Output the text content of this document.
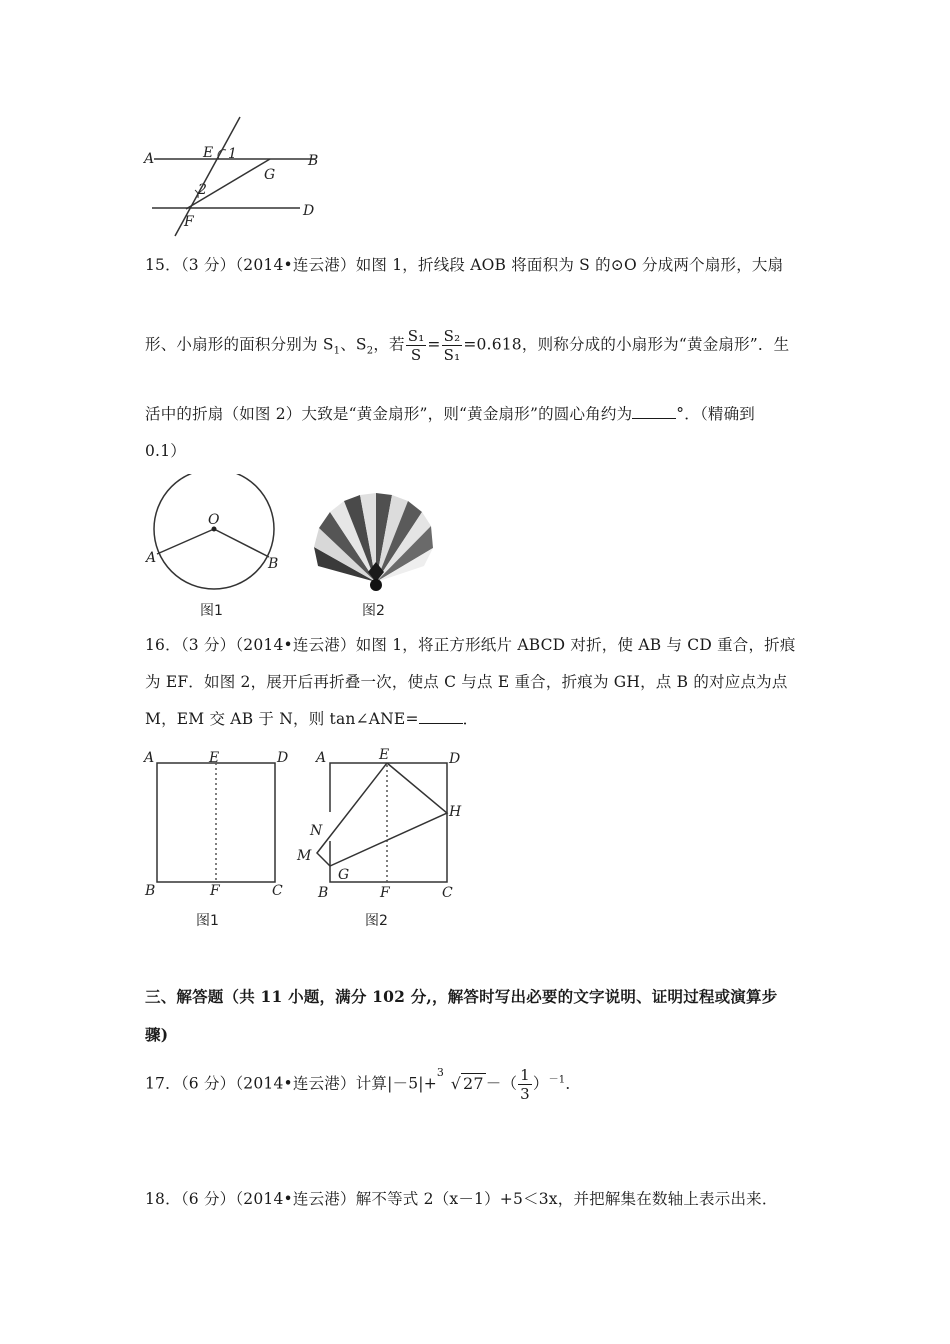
A	E 1	B
G
2
D
F
15．（3 分）（2014•连云港）如图 1，折线段 AOB 将面积为 S 的⊙O 分成两个扇形，大扇
形、小扇形的面积分别为 $S_1$、$S_2$，若 $\frac{\text{S₁}}{S} = \frac{\text{S₂}}{\text{S₁}} =0.618$，则称分成的小扇形为“黄金扇形”．生
活中的折扇（如图 2）大致是“黄金扇形”，则“黄金扇形”的圆心角约为	°．（精确到
0.1）
O
A	B
图1	图2
16．（3 分）（2014•连云港）如图 1，将正方形纸片 ABCD 对折，使 AB 与 CD 重合，折痕
为 EF．如图 2，展开后再折叠一次，使点 C 与点 E 重合，折痕为 GH，点 B 的对应点为点
M，EM 交 AB 于 N，则 tan∠ANE=	．
A	E	D
B	F	C
图1
A	E	D
H
N
M
G
B	F	C
图2
三、解答题（共 11 小题，满分 102 分,，解答时写出必要的文字说明、证明过程或演算步
骤)
17．（6 分）（2014•连云港）计算|－5|+
3
√ 27 －（ $\frac{1}{3} )^{-1}$．
18．（6 分）（2014•连云港）解不等式 2（x－1）+5＜3x，并把解集在数轴上表示出来．
